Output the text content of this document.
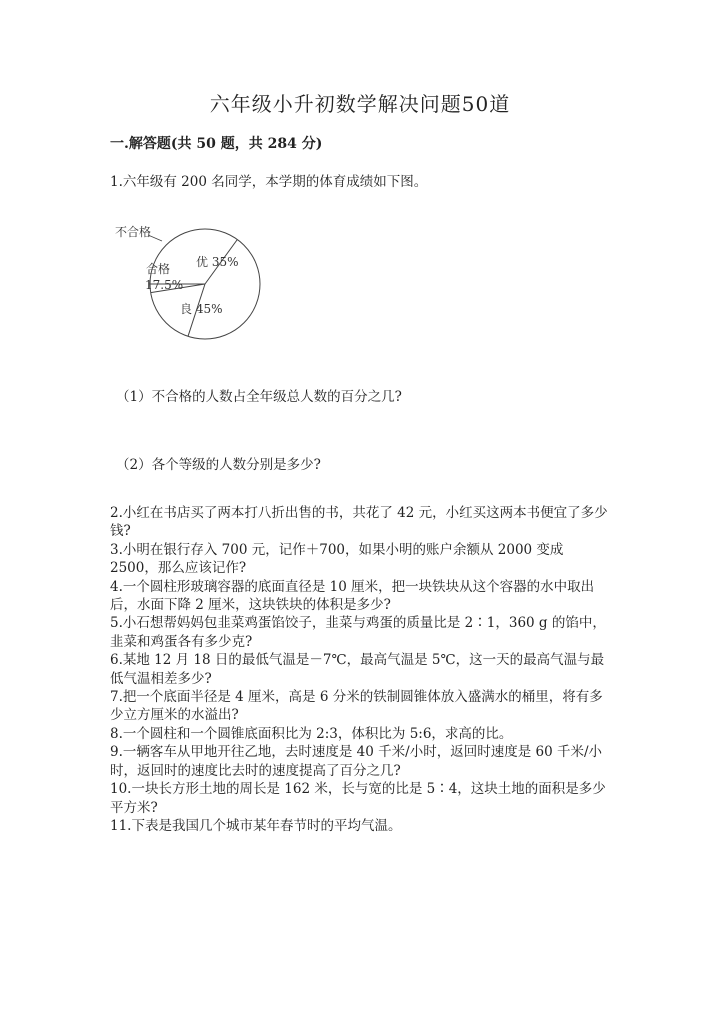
六年级小升初数学解决问题50道
一.解答题(共 50 题，共 284 分)
1.六年级有 200 名同学，本学期的体育成绩如下图。
不合格
优 35%
合格
17.5%
良 45%
（1）不合格的人数占全年级总人数的百分之几?
（2）各个等级的人数分别是多少?
2.小红在书店买了两本打八折出售的书，共花了 42 元，小红买这两本书便宜了多少钱?
3.小明在银行存入 700 元，记作＋700，如果小明的账户余额从 2000 变成 2500，那么应该记作?
4.一个圆柱形玻璃容器的底面直径是 10 厘米，把一块铁块从这个容器的水中取出后，水面下降 2 厘米，这块铁块的体积是多少?
5.小石想帮妈妈包韭菜鸡蛋馅饺子，韭菜与鸡蛋的质量比是 2∶1，360 g 的馅中，韭菜和鸡蛋各有多少克?
6.某地 12 月 18 日的最低气温是－7℃，最高气温是 5℃，这一天的最高气温与最低气温相差多少?
7.把一个底面半径是 4 厘米，高是 6 分米的铁制圆锥体放入盛满水的桶里，将有多少立方厘米的水溢出?
8.一个圆柱和一个圆锥底面积比为 2:3，体积比为 5:6，求高的比。
9.一辆客车从甲地开往乙地，去时速度是 40 千米/小时，返回时速度是 60 千米/小时，返回时的速度比去时的速度提高了百分之几?
10.一块长方形土地的周长是 162 米，长与宽的比是 5∶4，这块土地的面积是多少平方米?
11.下表是我国几个城市某年春节时的平均气温。
